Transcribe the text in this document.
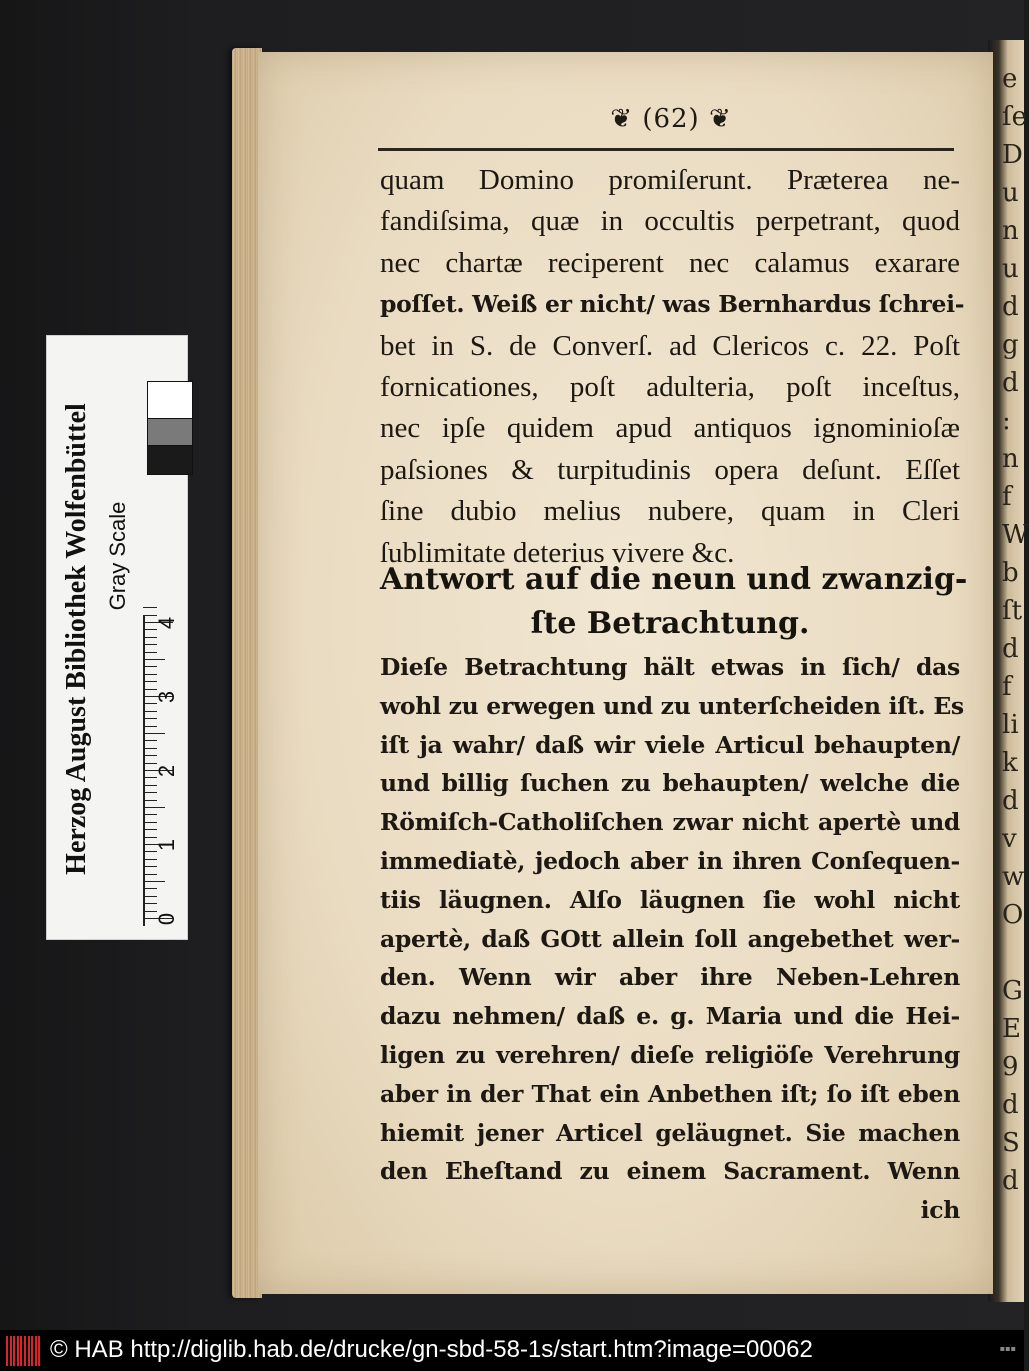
e
ſe
D
u
n
u
d
g
d
:
n
f
W
b
ſt
d
f
li
k
d
v
w
O

G
E
9
d
S
d
❦ (62) ❦
quam Domino promiſerunt. Præterea ne-
fandiſsima, quæ in occultis perpetrant, quod
nec chartæ reciperent nec calamus exarare
poſſet. Weiß er nicht/ was Bernhardus ſchrei-
bet in S. de Converſ. ad Clericos c. 22. Poſt
fornicationes, poſt adulteria, poſt inceſtus,
nec ipſe quidem apud antiquos ignominioſæ
paſsiones & turpitudinis opera deſunt. Eſſet
ſine dubio melius nubere, quam in Cleri
ſublimitate deterius vivere &c.
Antwort auf die neun und zwanzig-
ſte Betrachtung.
Dieſe Betrachtung hält etwas in ſich/ das
wohl zu erwegen und zu unterſcheiden iſt. Es
iſt ja wahr/ daß wir viele Articul behaupten/
und billig ſuchen zu behaupten/ welche die
Römiſch-Catholiſchen zwar nicht apertè und
immediatè, jedoch aber in ihren Conſequen-
tiis läugnen. Alſo läugnen ſie wohl nicht
apertè, daß GOtt allein ſoll angebethet wer-
den. Wenn wir aber ihre Neben-Lehren
dazu nehmen/ daß e. g. Maria und die Hei-
ligen zu verehren/ dieſe religiöſe Verehrung
aber in der That ein Anbethen iſt; ſo iſt eben
hiemit jener Articel geläugnet. Sie machen
den Eheſtand zu einem Sacrament. Wenn
ich
Herzog August Bibliothek Wolfenbüttel Gray Scale
0
1
2
3
4
© HAB http://diglib.hab.de/drucke/gn-sbd-58-1s/start.htm?image=00062	▪▪▪
